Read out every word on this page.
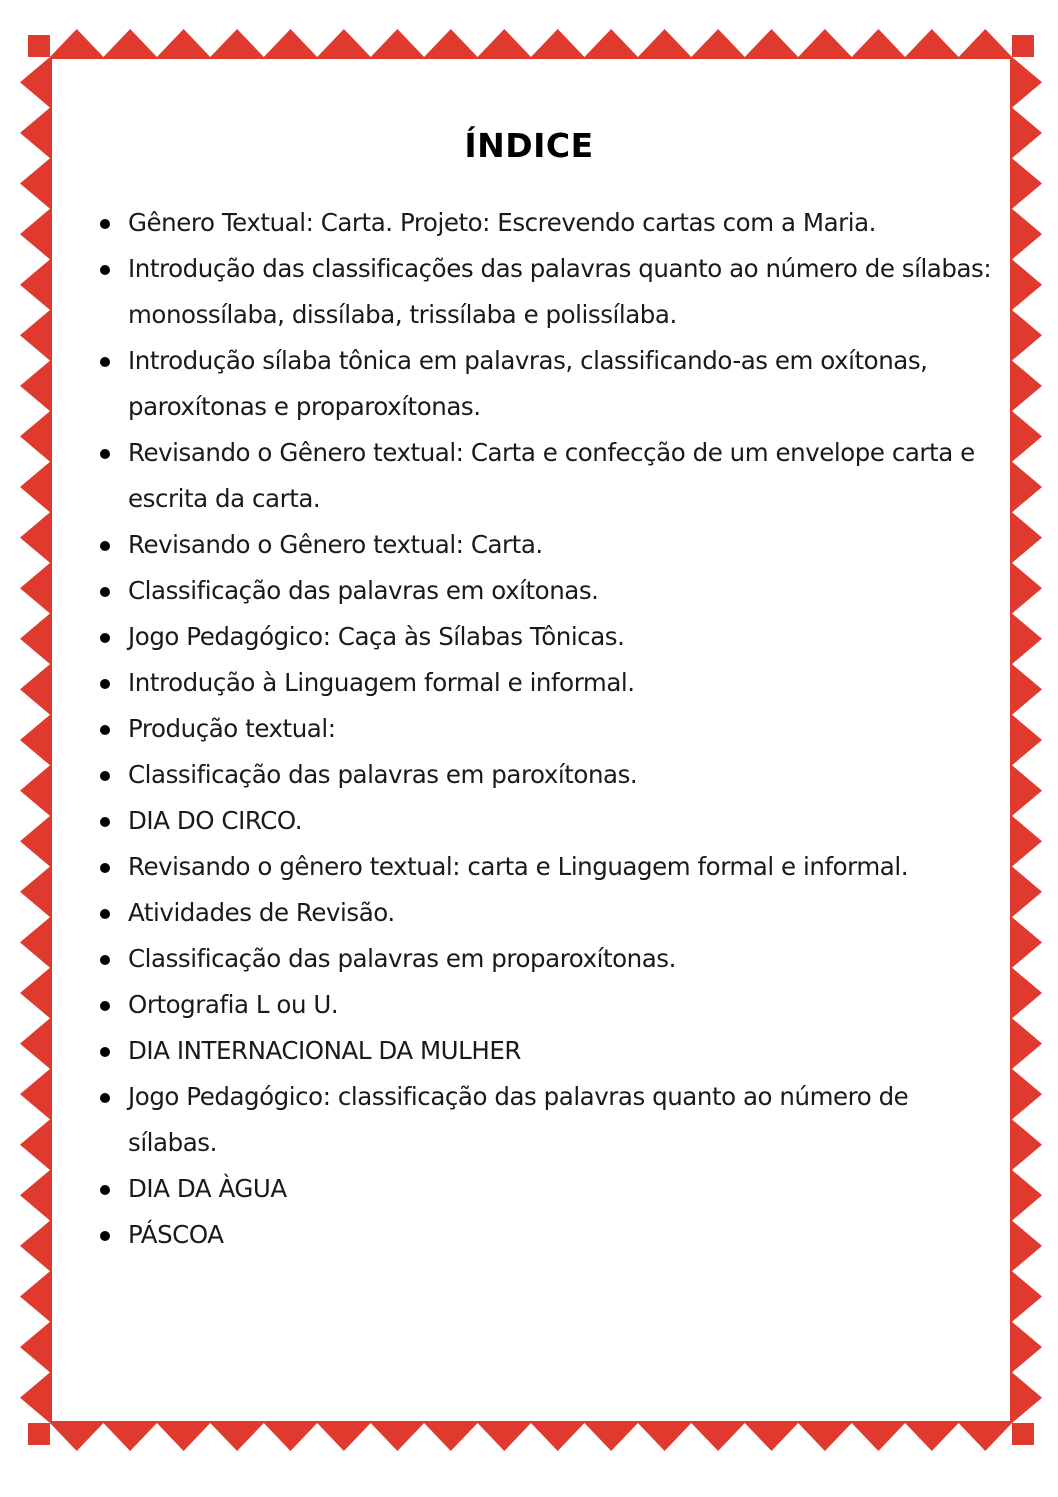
ÍNDICE
Gênero Textual: Carta. Projeto: Escrevendo cartas com a Maria.
Introdução das classificações das palavras quanto ao número de sílabas: monossílaba, dissílaba, trissílaba e polissílaba.
Introdução sílaba tônica em palavras, classificando-as em oxítonas, paroxítonas e proparoxítonas.
Revisando o Gênero textual: Carta e confecção de um envelope carta e escrita da carta.
Revisando o Gênero textual: Carta.
Classificação das palavras em oxítonas.
Jogo Pedagógico: Caça às Sílabas Tônicas.
Introdução à Linguagem formal e informal.
Produção textual:
Classificação das palavras em paroxítonas.
DIA DO CIRCO.
Revisando o gênero textual: carta e Linguagem formal e informal.
Atividades de Revisão.
Classificação das palavras em proparoxítonas.
Ortografia L ou U.
DIA INTERNACIONAL DA MULHER
Jogo Pedagógico: classificação das palavras quanto ao número de sílabas.
DIA DA ÀGUA
PÁSCOA
